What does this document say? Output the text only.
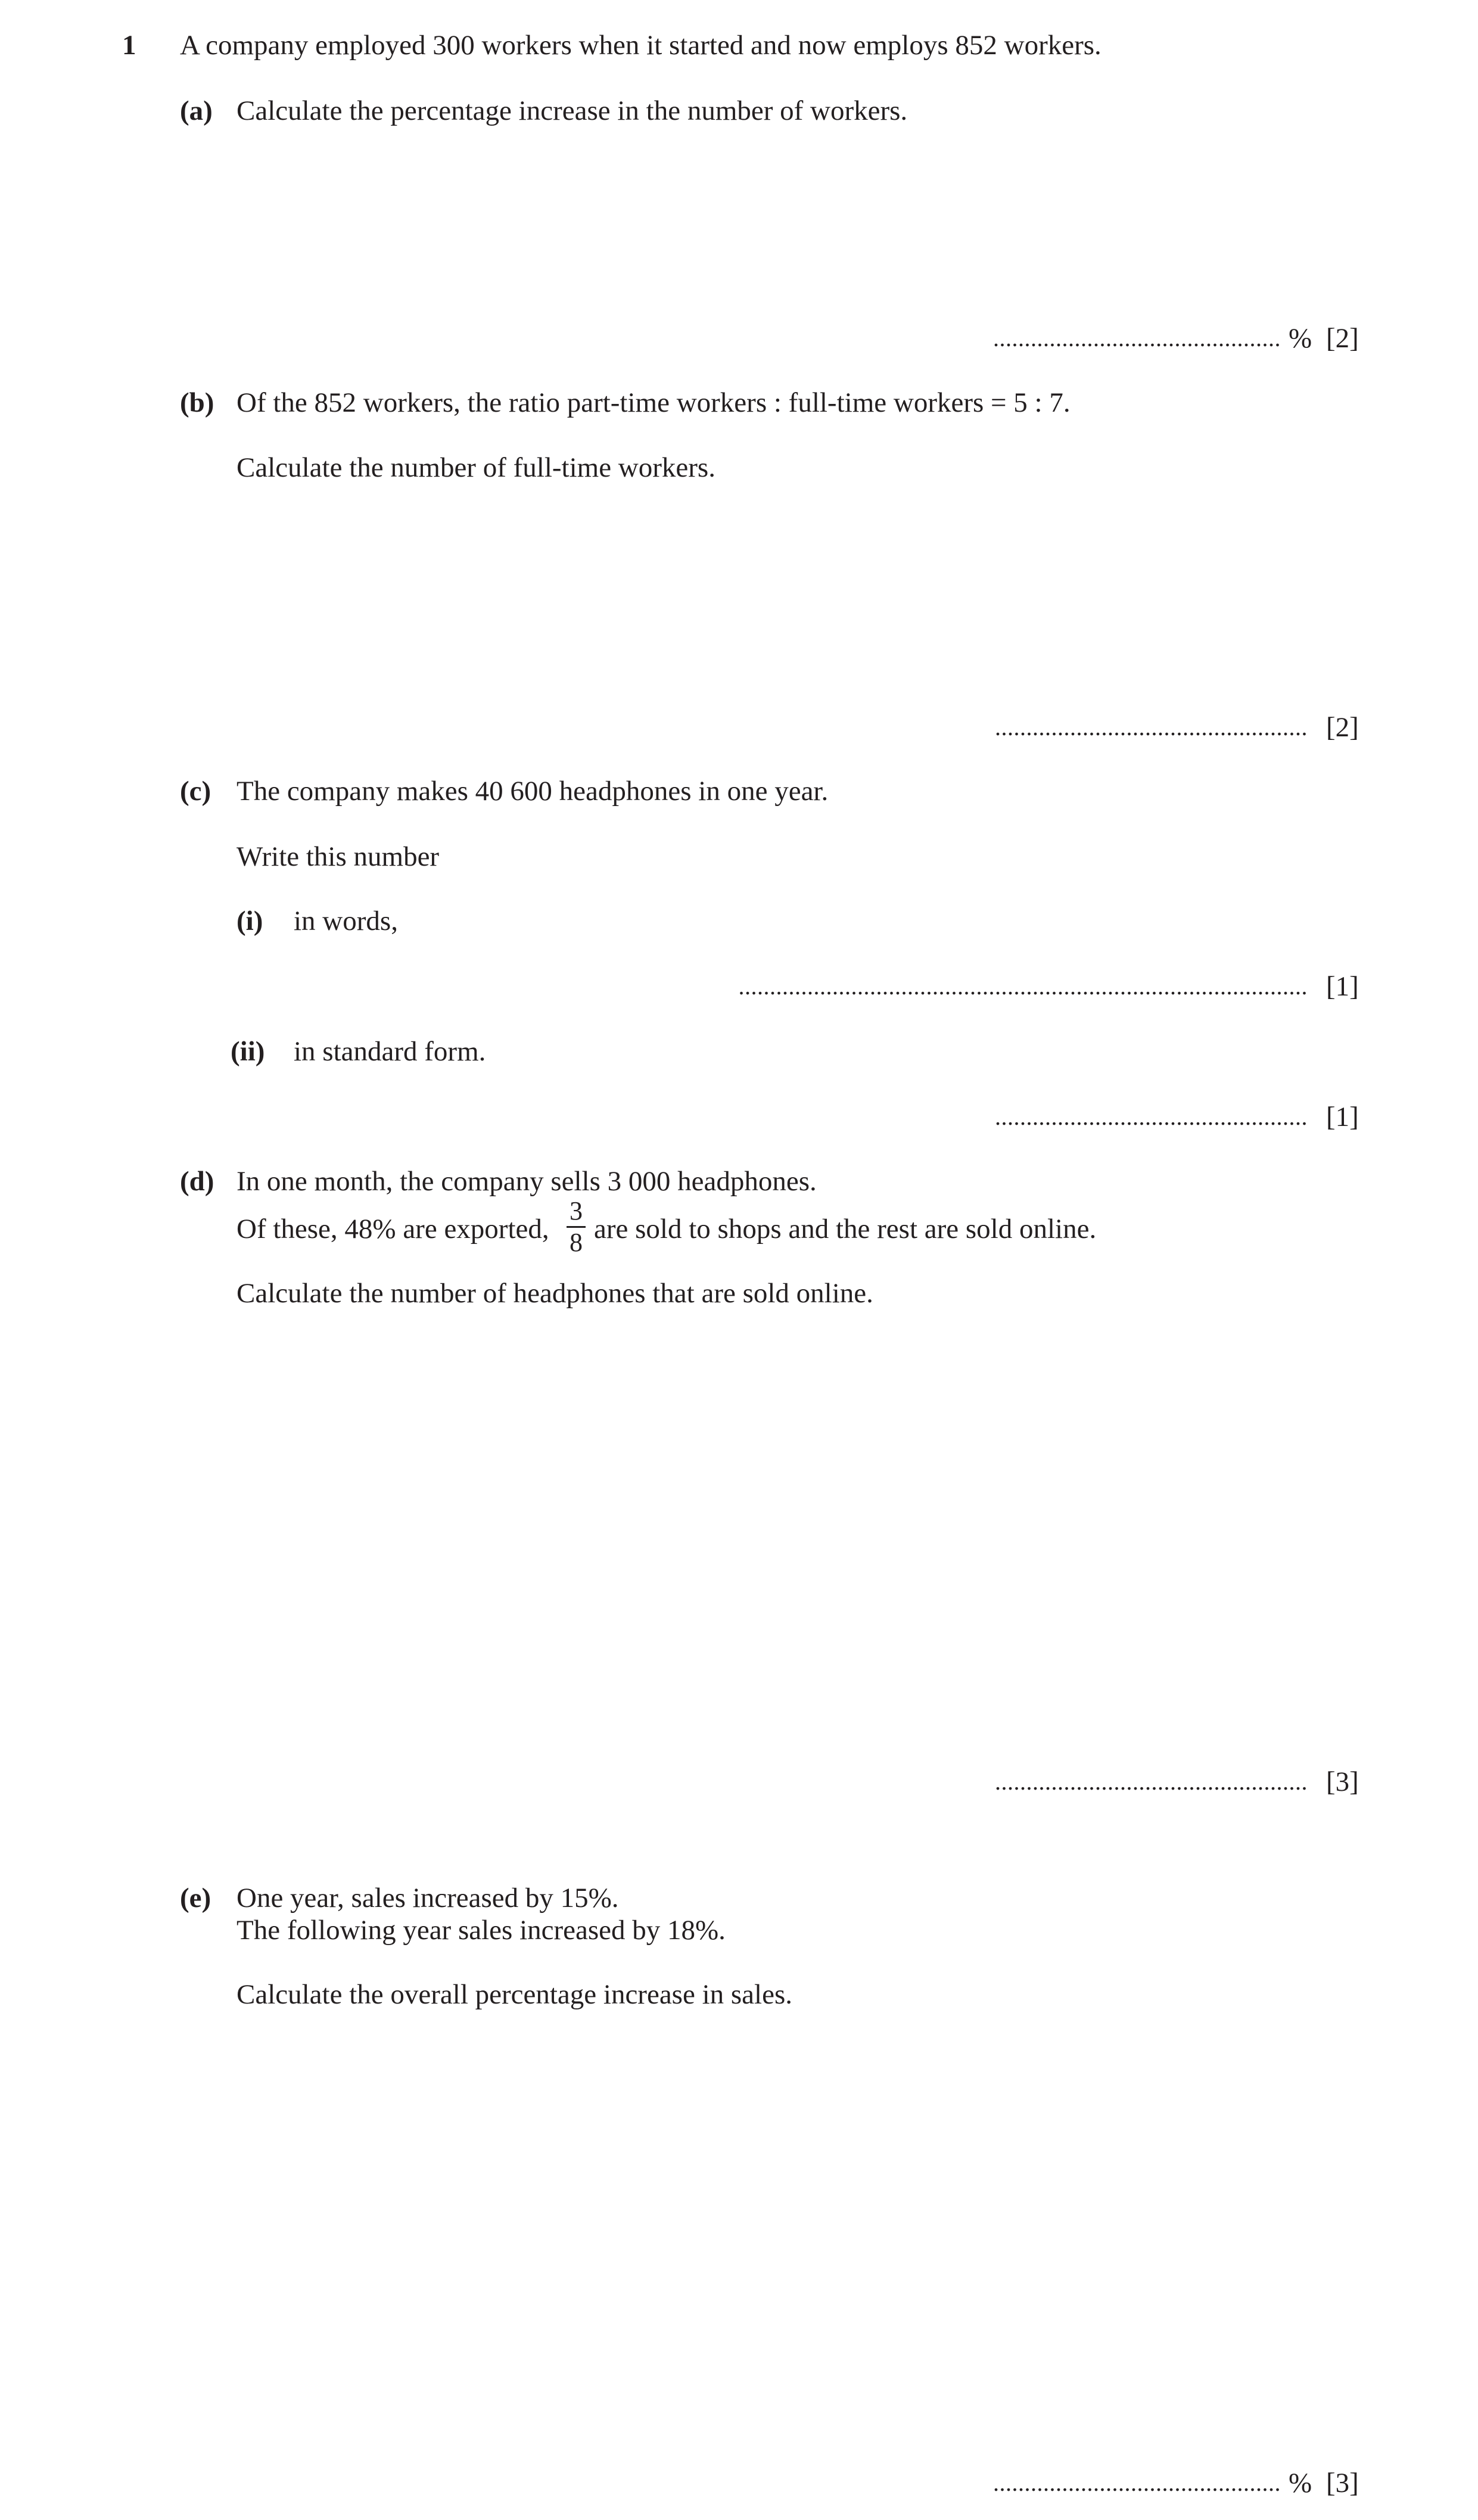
1 A company employed 300 workers when it started and now employs 852 workers.
(a) Calculate the percentage increase in the number of workers.
.............................................. % [2]
(b) Of the 852 workers, the ratio part-time workers : full-time workers = 5 : 7.
Calculate the number of full-time workers.
.................................................. [2]
(c) The company makes 40 600 headphones in one year.
Write this number
(i) in words,
........................................................................................... [1]
(ii) in standard form.
.................................................. [1]
(d) In one month, the company sells 3 000 headphones.
Of these, 48% are exported,
3
8 are sold to shops and the rest are sold online.
Calculate the number of headphones that are sold online.
.................................................. [3]
(e) One year, sales increased by 15%.
The following year sales increased by 18%.
Calculate the overall percentage increase in sales.
.............................................. % [3]
